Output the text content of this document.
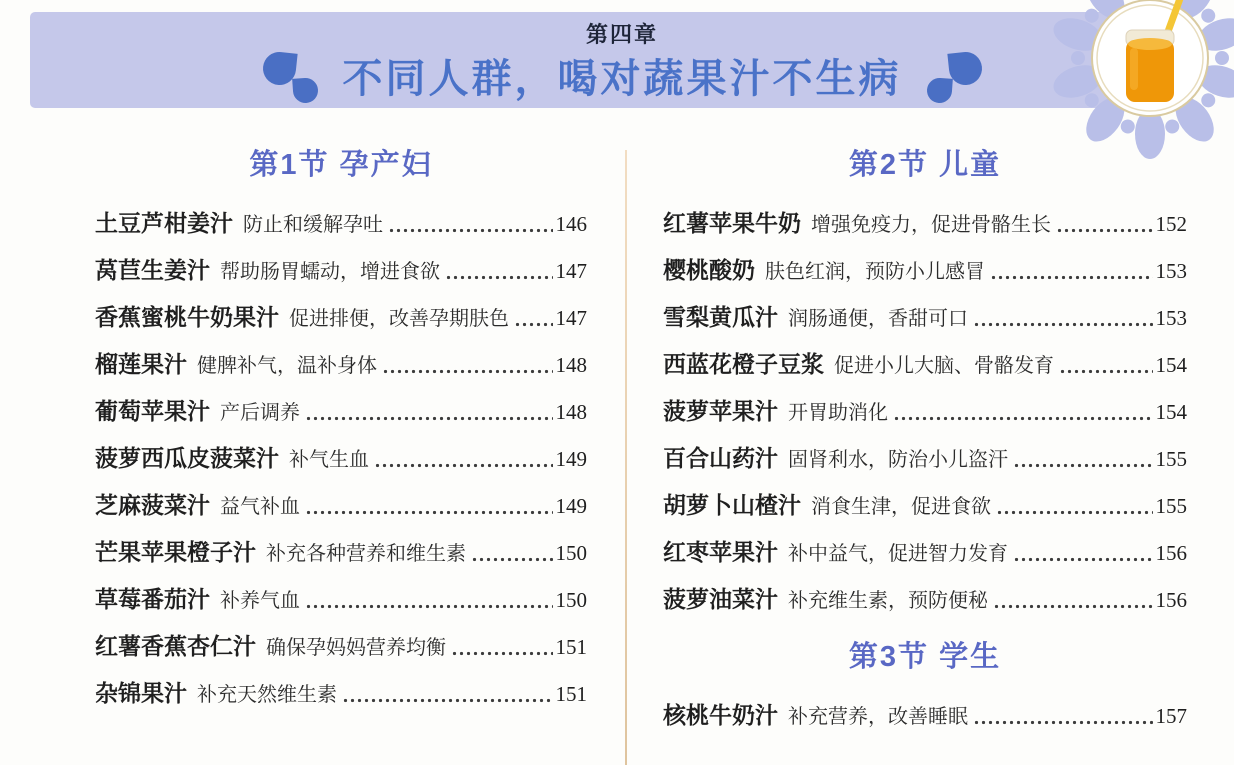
第四章
不同人群，喝对蔬果汁不生病
第1节 孕产妇
土豆芦柑姜汁 防止和缓解孕吐	146
莴苣生姜汁 帮助肠胃蠕动，增进食欲	147
香蕉蜜桃牛奶果汁 促进排便，改善孕期肤色 147
榴莲果汁 健脾补气，温补身体	148
葡萄苹果汁 产后调养	148
菠萝西瓜皮菠菜汁 补气生血	149
芝麻菠菜汁 益气补血	149
芒果苹果橙子汁 补充各种营养和维生素	150
草莓番茄汁 补养气血	150
红薯香蕉杏仁汁 确保孕妈妈营养均衡	151
杂锦果汁 补充天然维生素	151
第2节 儿童
红薯苹果牛奶 增强免疫力，促进骨骼生长	152
樱桃酸奶 肤色红润，预防小儿感冒	153
雪梨黄瓜汁 润肠通便，香甜可口	153
西蓝花橙子豆浆 促进小儿大脑、骨骼发育	154
菠萝苹果汁 开胃助消化	154
百合山药汁 固肾利水，防治小儿盗汗	155
胡萝卜山楂汁 消食生津，促进食欲	155
红枣苹果汁 补中益气，促进智力发育	156
菠萝油菜汁 补充维生素，预防便秘	156
第3节 学生
核桃牛奶汁 补充营养，改善睡眠	157
